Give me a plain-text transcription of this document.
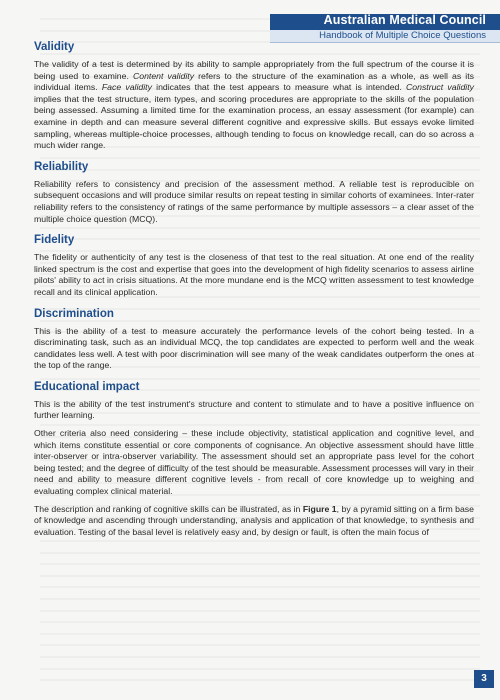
Australian Medical Council
Handbook of Multiple Choice Questions
Validity

The validity of a test is determined by its ability to sample appropriately from the full spectrum of the course it is being used to examine. Content validity refers to the structure of the examination as a whole, as well as its individual items. Face validity indicates that the test appears to measure what is intended. Construct validity implies that the test structure, item types, and scoring procedures are appropriate to the skills of the population being assessed. Assuming a limited time for the examination process, an essay assessment (for example) can examine in depth and can measure several different cognitive and expressive skills. But essays evoke limited sampling, whereas multiple-choice processes, although tending to focus on knowledge recall, can do so across a much wider range.

Reliability

Reliability refers to consistency and precision of the assessment method. A reliable test is reproducible on subsequent occasions and will produce similar results on repeat testing in similar cohorts of examinees. Inter-rater reliability refers to the consistency of ratings of the same performance by multiple assessors – a clear asset of the multiple choice question (MCQ).

Fidelity

The fidelity or authenticity of any test is the closeness of that test to the real situation. At one end of the reality linked spectrum is the cost and expertise that goes into the development of high fidelity scenarios to assess airline pilots' ability to act in crisis situations. At the more mundane end is the MCQ written assessment to test knowledge recall and its clinical application.

Discrimination

This is the ability of a test to measure accurately the performance levels of the cohort being tested. In a discriminating task, such as an individual MCQ, the top candidates are expected to perform well and the weak candidates less well. A test with poor discrimination will see many of the weak candidates outperform the ones at the top of the range.

Educational impact

This is the ability of the test instrument's structure and content to stimulate and to have a positive influence on further learning.

Other criteria also need considering – these include objectivity, statistical application and cognitive level, and which items constitute essential or core components of cognisance. An objective assessment should have little inter-observer or intra-observer variability. The assessment should set an appropriate pass level for the cohort being tested; and the degree of difficulty of the test should be measurable. Assessment processes will vary in their need and ability to measure different cognitive levels - from recall of core knowledge up to weighing and evaluating complex clinical material.

The description and ranking of cognitive skills can be illustrated, as in Figure 1, by a pyramid sitting on a firm base of knowledge and ascending through understanding, analysis and application of that knowledge, to synthesis and evaluation. Testing of the basal level is relatively easy and, by design or fault, is often the main focus of

3
